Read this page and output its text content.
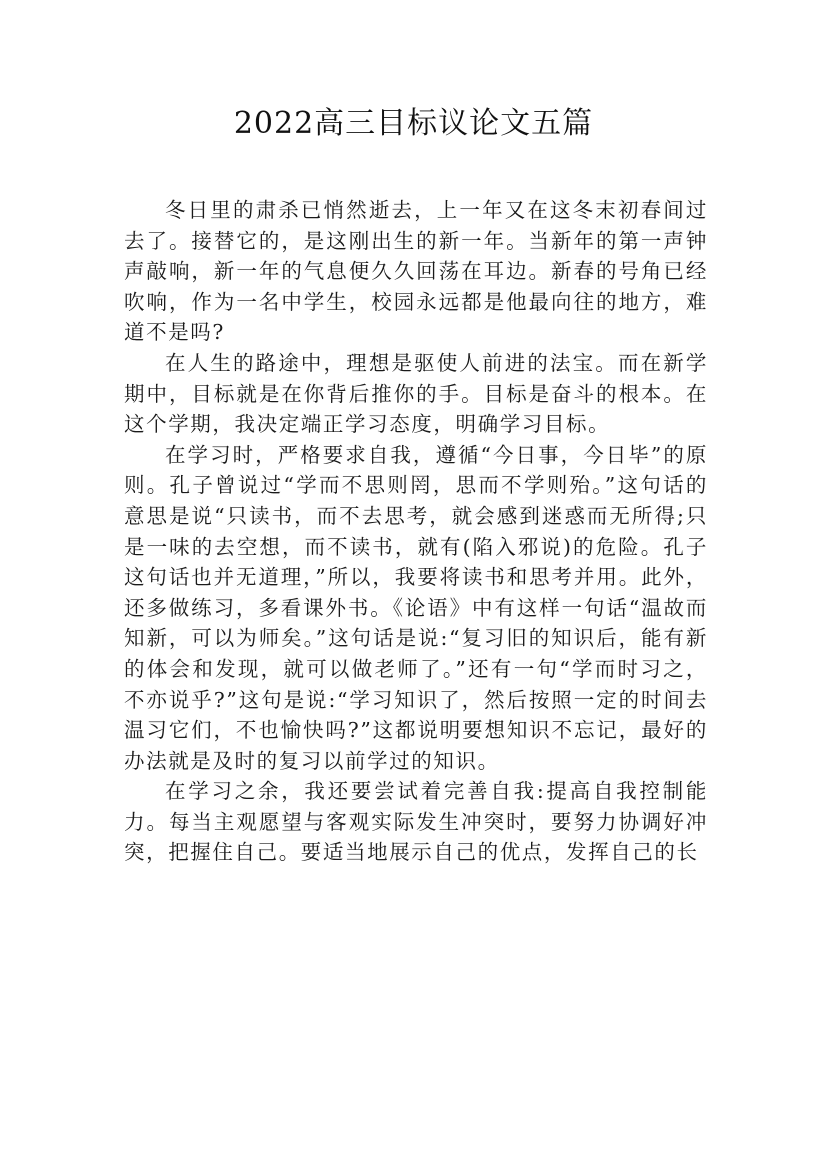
2022高三目标议论文五篇

冬日里的肃杀已悄然逝去，上一年又在这冬末初春间过去了。接替它的，是这刚出生的新一年。当新年的第一声钟声敲响，新一年的气息便久久回荡在耳边。新春的号角已经吹响，作为一名中学生，校园永远都是他最向往的地方，难道不是吗?

在人生的路途中，理想是驱使人前进的法宝。而在新学期中，目标就是在你背后推你的手。目标是奋斗的根本。在这个学期，我决定端正学习态度，明确学习目标。

在学习时，严格要求自我，遵循“今日事，今日毕”的原则。孔子曾说过“学而不思则罔，思而不学则殆。”这句话的意思是说“只读书，而不去思考，就会感到迷惑而无所得;只是一味的去空想，而不读书，就有(陷入邪说)的危险。孔子这句话也并无道理，”所以，我要将读书和思考并用。此外，还多做练习，多看课外书。《论语》中有这样一句话“温故而知新，可以为师矣。”这句话是说:“复习旧的知识后，能有新的体会和发现，就可以做老师了。”还有一句“学而时习之，不亦说乎?”这句是说:“学习知识了，然后按照一定的时间去温习它们，不也愉快吗?”这都说明要想知识不忘记，最好的办法就是及时的复习以前学过的知识。

在学习之余，我还要尝试着完善自我:提高自我控制能力。每当主观愿望与客观实际发生冲突时，要努力协调好冲突，把握住自己。要适当地展示自己的优点，发挥自己的长
